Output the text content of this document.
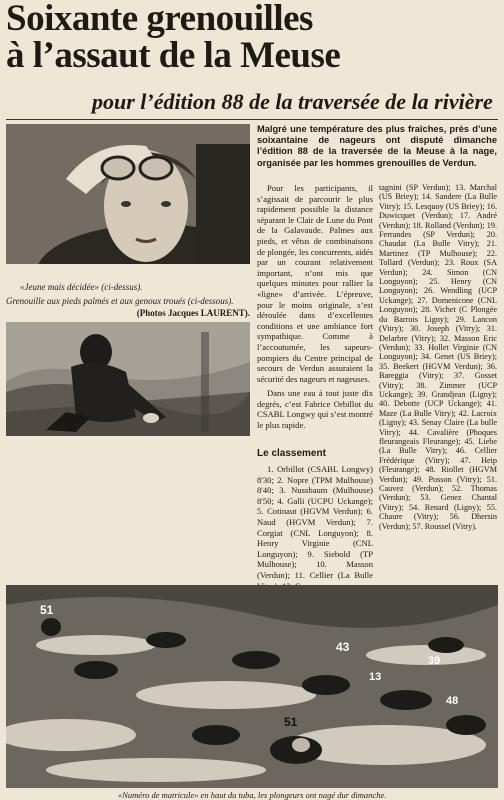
Soixante grenouilles
à l’assaut de la Meuse
pour l’édition 88 de la traversée de la rivière
«Jeune mais décidée» (ci-dessus).
Grenouille aux pieds palmés et aux genoux troués (ci-dessous).
(Photos Jacques LAURENT).

Malgré une température des plus fraîches, près d’une soixantaine de nageurs ont disputé dimanche l’édition 88 de la traversée de la Meuse à la nage, organisée par les hommes grenouilles de Verdun.

Pour les participants, il s’agissait de parcourir le plus rapidement possible la distance séparant le Clair de Lune du Pont de la Galavaude. Palmes aux pieds, et vêtus de combinaisons de plongée, les concurrents, aidés par un courant relativement important, n’ont mis que quelques minutes pour rallier la «ligne» d’arrivée. L’épreuve, pour le moins originale, s’est déroulée dans d’excellentes conditions et une ambiance fort sympathique. Comme à l’accoutumée, les sapeurs-pompiers du Centre principal de secours de Verdun assuraient la sécurité des nageurs et nageuses.

Dans une eau à tout juste dix degrés, c’est Fabrice Orbillot du CSABL Longwy qui s’est montré le plus rapide.

Le classement

1. Orbillot (CSABL Longwy) 8'30; 2. Nopre (TPM Mulhouse) 8'40; 3. Nussbaum (Mulhouse) 8'50; 4. Galli (UCPU Uckange); 5. Cotinaut (HGVM Verdun); 6. Naud (HGVM Verdun); 7. Corgiat (CNL Longuyon); 8. Henry Virginie (CNL Longuyon); 9. Siebold (TP Mulhouse); 10. Masson (Verdun); 11. Cellier (La Bulle

tagnini (SP Verdun); 13. Marchal (US Briey); 14. Sandere (La Bulle Vitry); 15. Lesquoy (US Briey); 16. Duwicquet (Verdun); 17. André (Verdun); 18. Rolland (Verdun); 19. Ferrandes (SP Verdun); 20. Chaudat (La Bulle Vitry); 21. Martinez (TP Mulhouse); 22. Tollard (Verdun); 23. Roux (SA Verdun); 24. Simon (CN Longuyon); 25. Henry (CN Longuyon); 26. Wendling (UCP Uckange); 27. Domenicone (CNL Longuyon); 28. Vichet (C Plongée du Barrois Ligny); 29. Lancon (Vitry); 30. Joseph (Vitry); 31. Delarbre (Vitry); 32. Masson Eric (Verdun); 33. Hollet Virginie (CN Longuyon); 34. Genet (US Briey); 35. Beekert (HGVM Verdun); 36. Bareggia (Vitry); 37. Gosset (Vitry); 38. Zimmer (UCP Uckange); 39. Grandjean (Ligny); 40. Debotte (UCP Uckange); 41. Maze (La Bulle Vitry); 42. Lacroix (Ligny); 43. Senay Claire (La bulle Vitry); 44. Cavalière (Phoques fleurangeais Fleurange); 45. Liebe (La Bulle Vitry); 46. Cellier Frédérique (Vitry); 47. Heip (Fleurange); 48. Riollet (HGVM Verdun); 49. Posson (Vitry); 51. Cauvez (Verdun); 52. Thomas (Verdun); 53. Genez Chantal (Vitry); 54. Renard (Ligny); 55. Chaure (Vitry); 56. Dhersin (Verdun); 57. Roussel (Vitry).

51
43
13
39
48
51
«Numéro de matricule» en haut du tuba, les plongeurs ont nagé dur dimanche.
